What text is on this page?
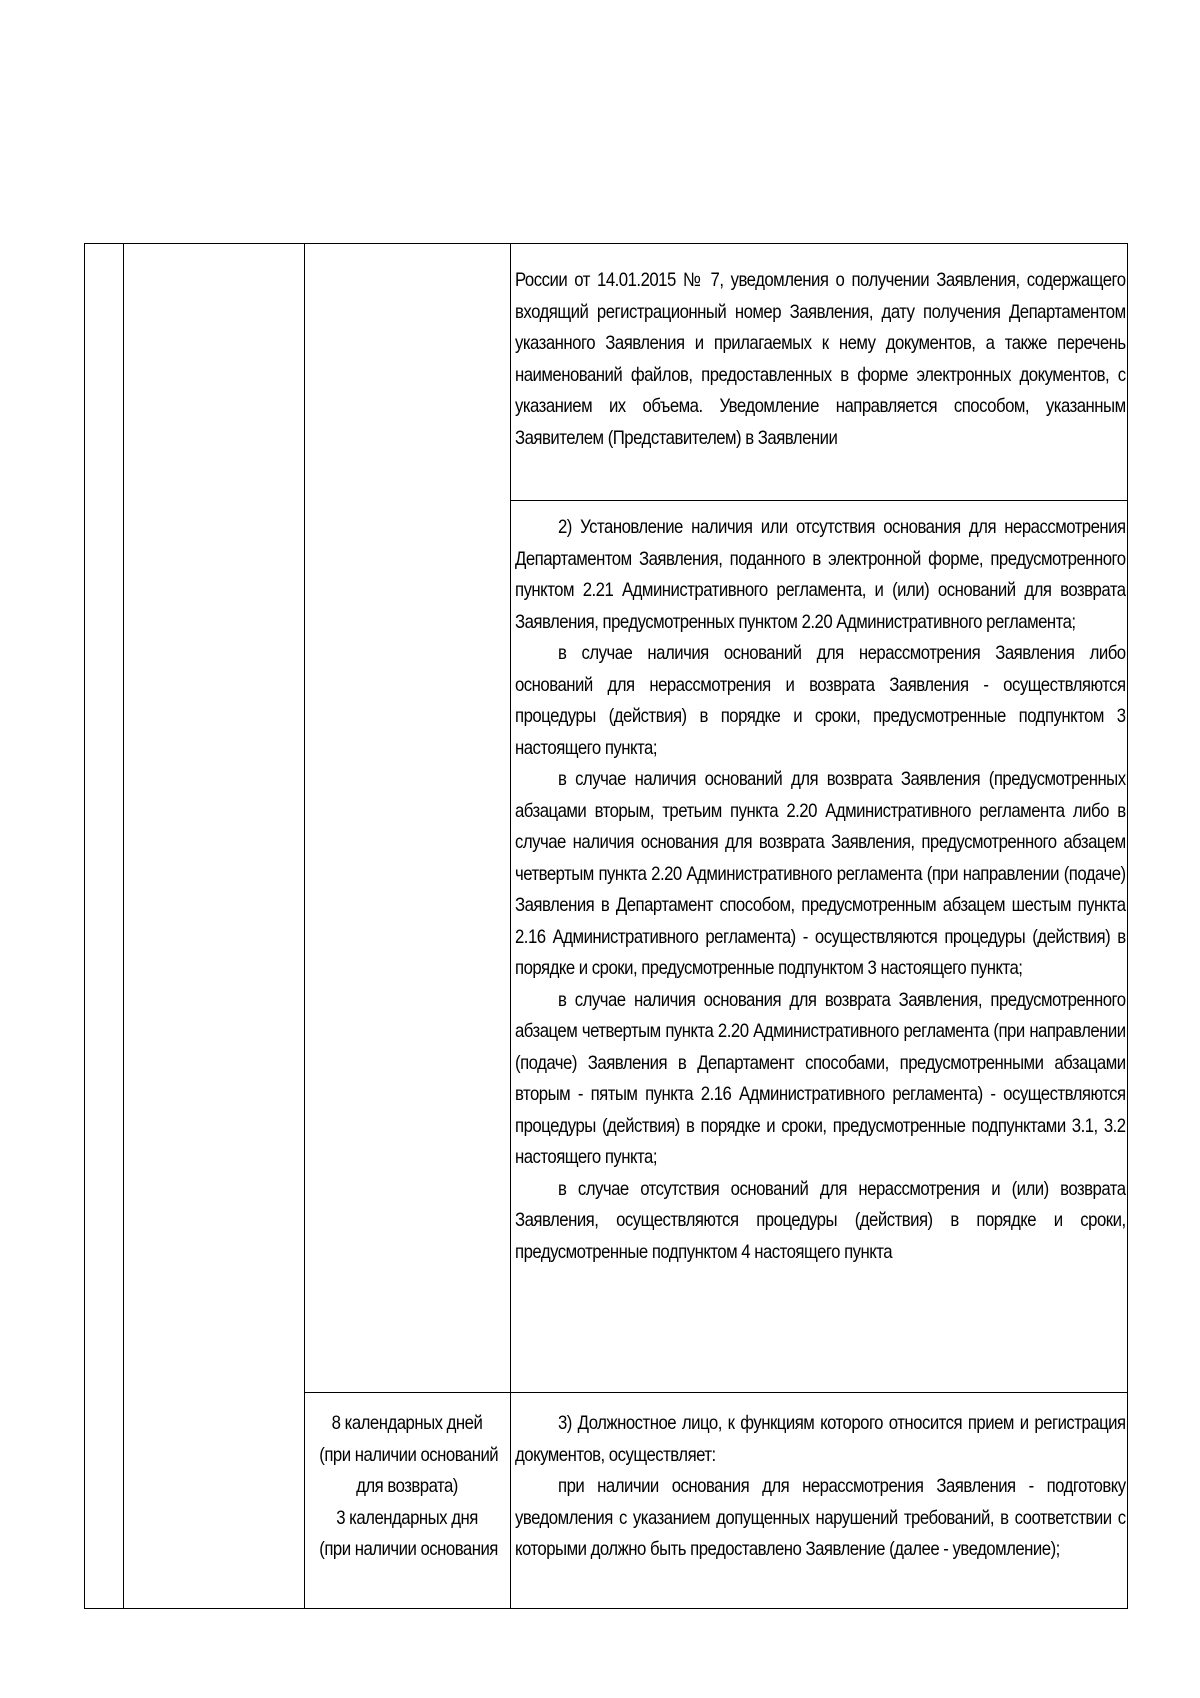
России от 14.01.2015 № 7, уведомления о получении Заявления, содержащего входящий регистрационный номер Заявления, дату получения Департаментом указанного Заявления и прилагаемых к нему документов, а также перечень наименований файлов, предоставленных в форме электронных документов, с указанием их объема. Уведомление направляется способом, указанным Заявителем (Представителем) в Заявлении

2) Установление наличия или отсутствия основания для нерассмотрения Департаментом Заявления, поданного в электронной форме, предусмотренного пунктом 2.21 Административного регламента, и (или) оснований для возврата Заявления, предусмотренных пунктом 2.20 Административного регламента;

в случае наличия оснований для нерассмотрения Заявления либо оснований для нерассмотрения и возврата Заявления - осуществляются процедуры (действия) в порядке и сроки, предусмотренные подпунктом 3 настоящего пункта;

в случае наличия оснований для возврата Заявления (предусмотренных абзацами вторым, третьим пункта 2.20 Административного регламента либо в случае наличия основания для возврата Заявления, предусмотренного абзацем четвертым пункта 2.20 Административного регламента (при направлении (подаче) Заявления в Департамент способом, предусмотренным абзацем шестым пункта 2.16 Административного регламента) - осуществляются процедуры (действия) в порядке и сроки, предусмотренные подпунктом 3 настоящего пункта;

в случае наличия основания для возврата Заявления, предусмотренного абзацем четвертым пункта 2.20 Административного регламента (при направлении (подаче) Заявления в Департамент способами, предусмотренными абзацами вторым - пятым пункта 2.16 Административного регламента) - осуществляются процедуры (действия) в порядке и сроки, предусмотренные подпунктами 3.1, 3.2 настоящего пункта;

в случае отсутствия оснований для нерассмотрения и (или) возврата Заявления, осуществляются процедуры (действия) в порядке и сроки, предусмотренные подпунктом 4 настоящего пункта

8 календарных дней
(при наличии оснований
для возврата)
3 календарных дня
(при наличии основания

3) Должностное лицо, к функциям которого относится прием и регистрация документов, осуществляет:

при наличии основания для нерассмотрения Заявления - подготовку уведомления с указанием допущенных нарушений требований, в соответствии с которыми должно быть предоставлено Заявление (далее - уведомление);
